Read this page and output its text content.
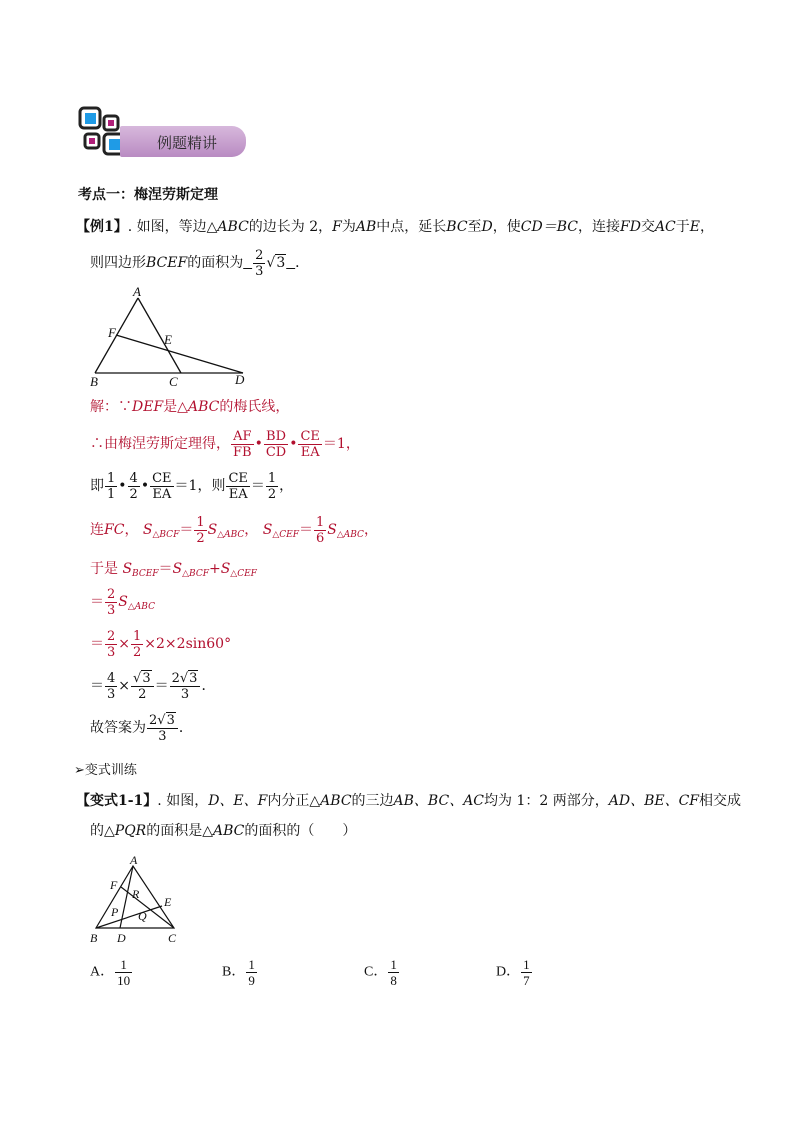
例题精讲
考点一：梅涅劳斯定理
【例1】. 如图，等边△ABC的边长为 2，F为AB中点，延长BC至D，使CD＝BC，连接FD交AC于E，
则四边形BCEF的面积为 $\frac{2}{3} √3$ ．
A
F	E
B	C	D
解：∵DEF是△ABC的梅氏线，
∴由梅涅劳斯定理得， $\frac{AF}{FB}$ • $\frac{BD}{CD}$ • $\frac{CE}{EA} =1$，
即 $\frac{1}{1}$ • $\frac{4}{2}$ • $\frac{CE}{EA} =1$，则 $\frac{CE}{EA} = \frac{1}{2}$ ，
连FC， $S_{\triangle BCF}= \frac{1}{2} S_{\triangle ABC}$， $S_{\triangle CEF}= \frac{1}{6} S_{\triangle ABC}$，
于是 $S_{BCEF}=S_{\triangle BCF}+S_{\triangle CEF}$
＝ $\frac{2}{3} S_{\triangle ABC}$
＝ $\frac{2}{3} \times \frac{1}{2} \times 2\times 2\sin 60^\circ$
＝ $\frac{4}{3} \times \frac{√3}{2} = \frac{2√3}{3}$ ．
故答案为 $\frac{2√3}{3}$ ．
➢变式训练
【变式1-1】. 如图，D、E、F内分正△ABC的三边AB、BC、AC均为 1：2 两部分，AD、BE、CF相交成
的△PQR的面积是△ABC的面积的（　　）
A
F
R
E
P Q
B D	C
A． $\frac{1}{10}$	B． $\frac{1}{9}$	C． $\frac{1}{8}$	D． $\frac{1}{7}$
